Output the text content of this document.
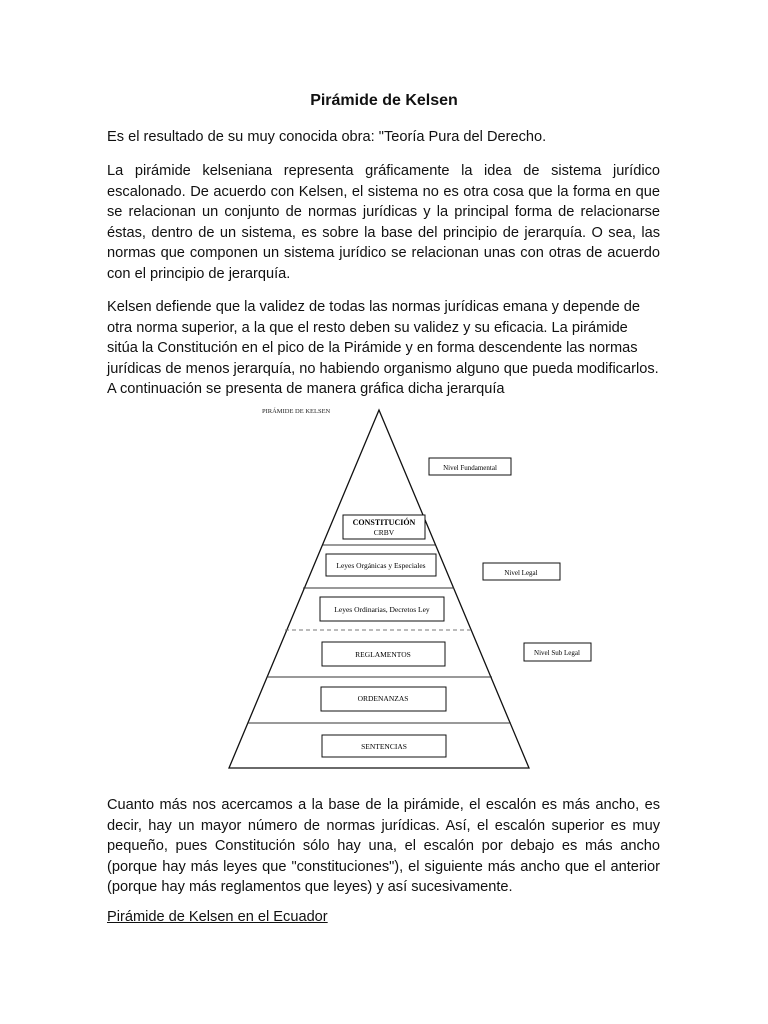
Pirámide de Kelsen

Es el resultado de su muy conocida obra: "Teoría Pura del Derecho.

La pirámide kelseniana representa gráficamente la idea de sistema jurídico escalonado. De acuerdo con Kelsen, el sistema no es otra cosa que la forma en que se relacionan un conjunto de normas jurídicas y la principal forma de relacionarse éstas, dentro de un sistema, es sobre la base del principio de jerarquía. O sea, las normas que componen un sistema jurídico se relacionan unas con otras de acuerdo con el principio de jerarquía.

Kelsen defiende que la validez de todas las normas jurídicas emana y depende de otra norma superior, a la que el resto deben su validez y su eficacia. La pirámide sitúa la Constitución en el pico de la Pirámide y en forma descendente las normas jurídicas de menos jerarquía, no habiendo organismo alguno que pueda modificarlos. A continuación se presenta de manera gráfica dicha jerarquía

PIRÁMIDE DE KELSEN
CONSTITUCIÓN
CRBV
Leyes Orgánicas y Especiales
Leyes Ordinarias, Decretos Ley
REGLAMENTOS
ORDENANZAS
SENTENCIAS
Nivel Fundamental
Nivel Legal
Nivel Sub Legal

Cuanto más nos acercamos a la base de la pirámide, el escalón es más ancho, es decir, hay un mayor número de normas jurídicas. Así, el escalón superior es muy pequeño, pues Constitución sólo hay una, el escalón por debajo es más ancho (porque hay más leyes que "constituciones"), el siguiente más ancho que el anterior (porque hay más reglamentos que leyes) y así sucesivamente.

Pirámide de Kelsen en el Ecuador
